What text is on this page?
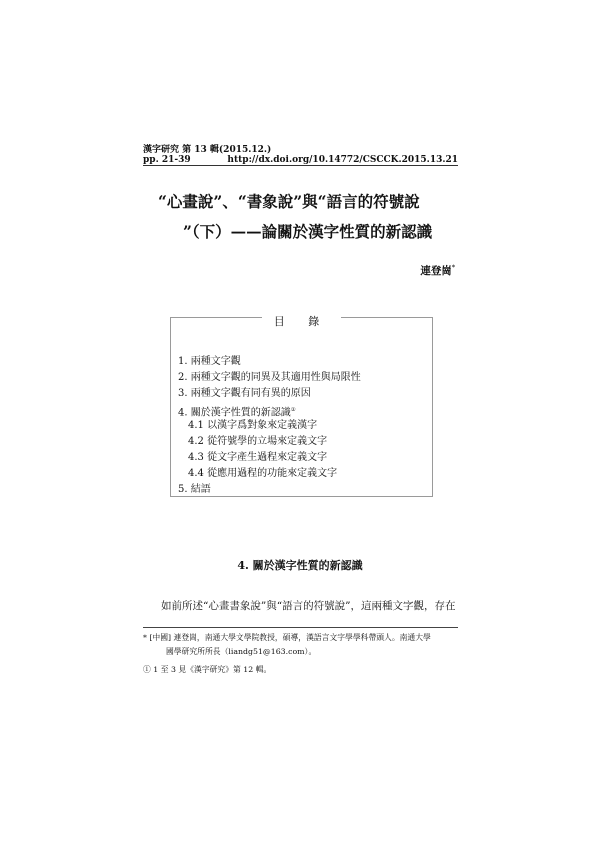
漢字研究 第 13 輯(2015.12.)
pp. 21-39	http://dx.doi.org/10.14772/CSCCK.2015.13.21
“心畫說”、“書象說”與“語言的符號說
”（下）——論關於漢字性質的新認識
連登崗*
目 錄
1. 兩種文字觀
2. 兩種文字觀的同異及其適用性與局限性
3. 兩種文字觀有同有異的原因
4. 關於漢字性質的新認識①
4.1 以漢字爲對象來定義漢字
4.2 從符號學的立場來定義文字
4.3 從文字產生過程來定義文字
4.4 從應用過程的功能來定義文字
5. 結語
4. 關於漢字性質的新認識
如前所述“心畫書象說”與“語言的符號說”，這兩種文字觀，存在
* [中國] 連登崗，南通大學文學院教授，碩導，漢語言文字學學科帶頭人。南通大學
國學研究所所長（liandg51@163.com）。
① 1 至 3 見《漢字研究》第 12 輯。
